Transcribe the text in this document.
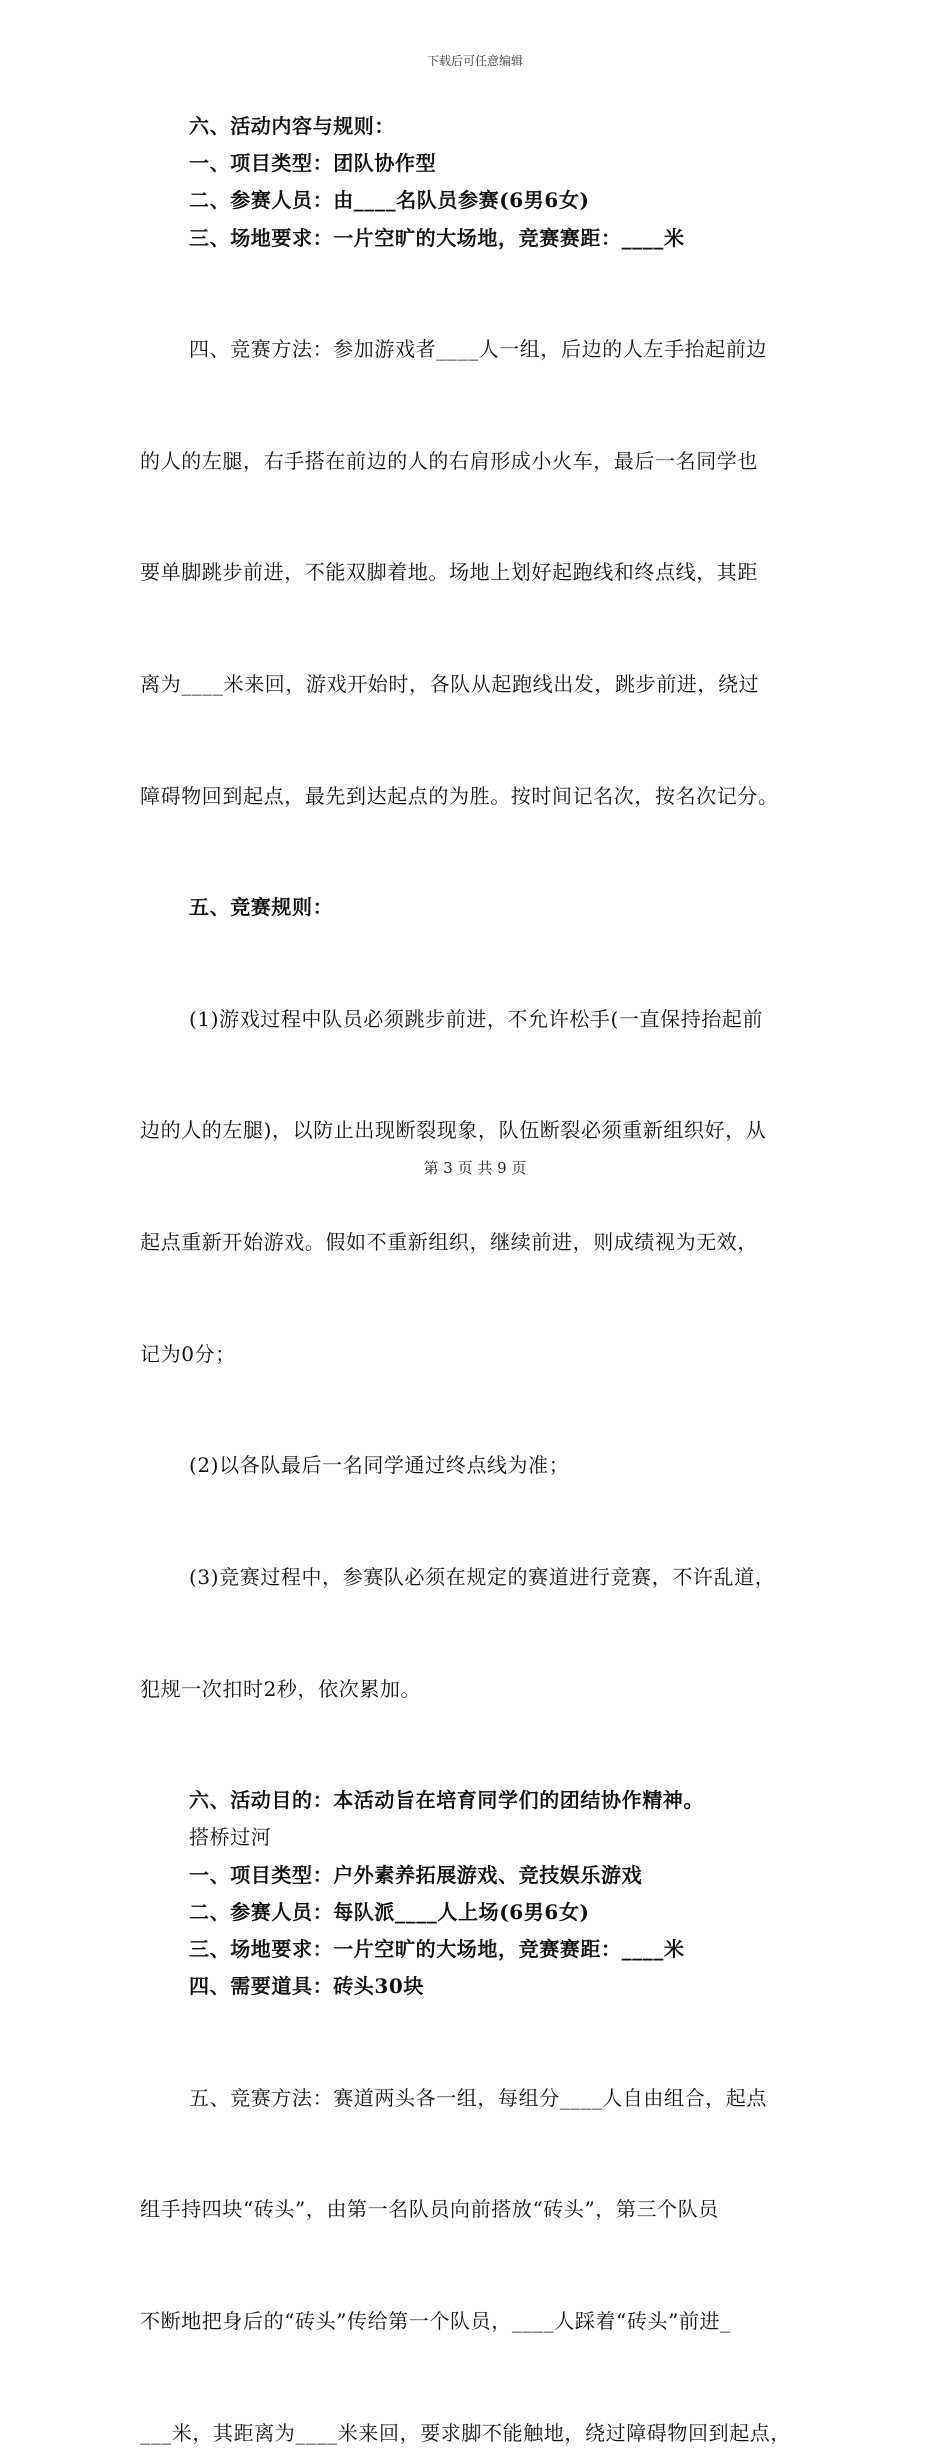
下载后可任意编辑

六、活动内容与规则：

一、项目类型：团队协作型

二、参赛人员：由____名队员参赛(6男6女)

三、场地要求：一片空旷的大场地，竞赛赛距：____米

四、竞赛方法：参加游戏者____人一组，后边的人左手抬起前边

的人的左腿，右手搭在前边的人的右肩形成小火车，最后一名同学也

要单脚跳步前进，不能双脚着地。场地上划好起跑线和终点线，其距

离为____米来回，游戏开始时，各队从起跑线出发，跳步前进，绕过

障碍物回到起点，最先到达起点的为胜。按时间记名次，按名次记分。

五、竞赛规则：

(1)游戏过程中队员必须跳步前进，不允许松手(一直保持抬起前

边的人的左腿)，以防止出现断裂现象，队伍断裂必须重新组织好，从

起点重新开始游戏。假如不重新组织，继续前进，则成绩视为无效，

记为0分；

(2)以各队最后一名同学通过终点线为准；

(3)竞赛过程中，参赛队必须在规定的赛道进行竞赛，不许乱道，

犯规一次扣时2秒，依次累加。

六、活动目的：本活动旨在培育同学们的团结协作精神。

搭桥过河

一、项目类型：户外素养拓展游戏、竞技娱乐游戏

二、参赛人员：每队派____人上场(6男6女)

三、场地要求：一片空旷的大场地，竞赛赛距：____米

四、需要道具：砖头30块

五、竞赛方法：赛道两头各一组，每组分____人自由组合，起点

组手持四块“砖头”，由第一名队员向前搭放“砖头”，第三个队员

不断地把身后的“砖头”传给第一个队员，____人踩着“砖头”前进_

___米，其距离为____米来回，要求脚不能触地，绕过障碍物回到起点，

第 3 页 共 9 页
